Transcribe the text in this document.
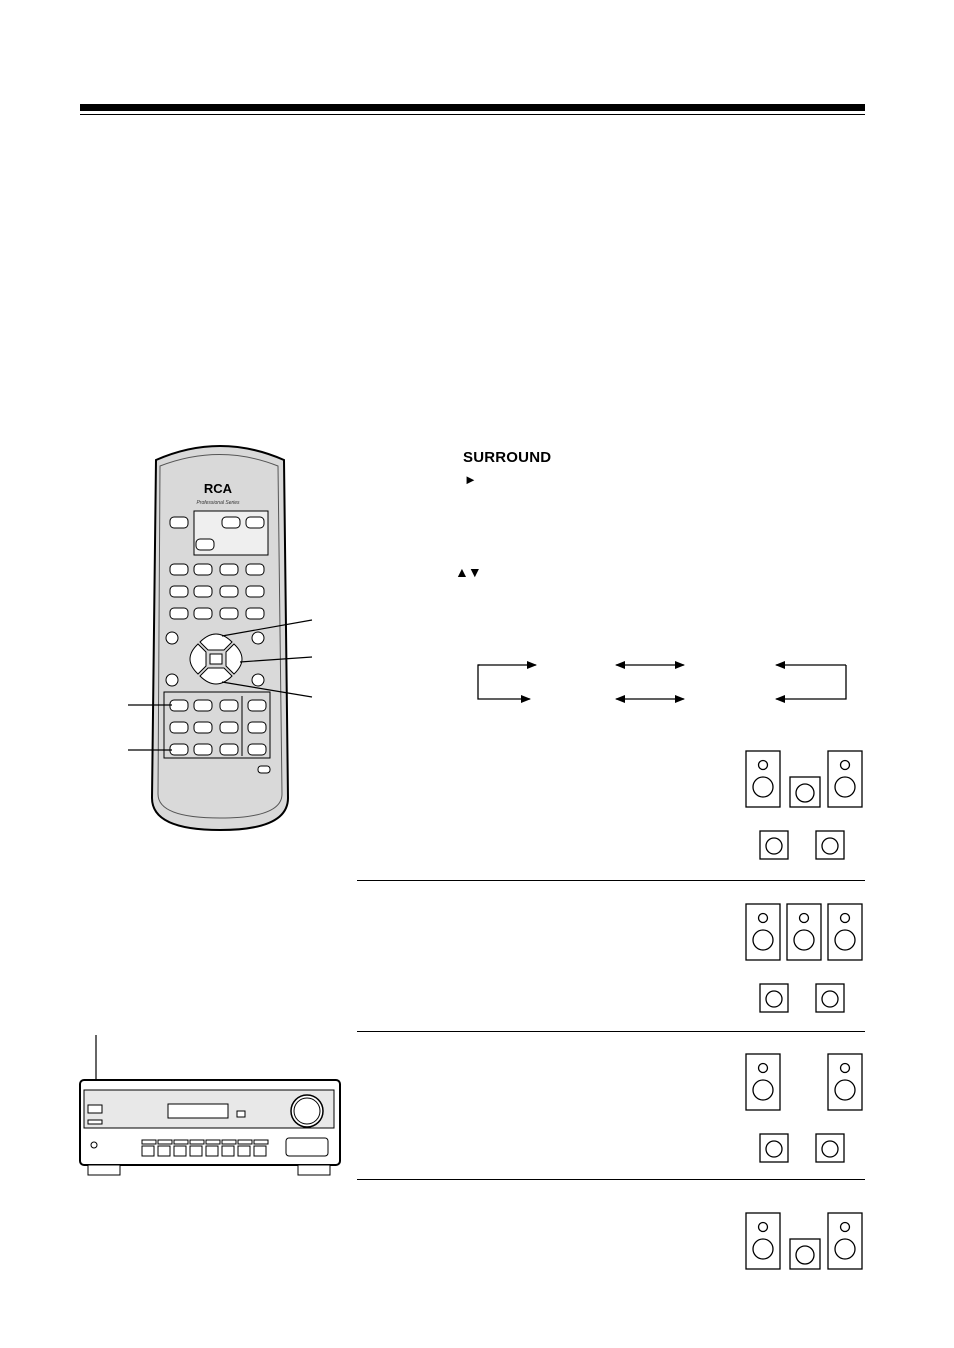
RCA
Professional Series
SURROUND
►
▲▼
